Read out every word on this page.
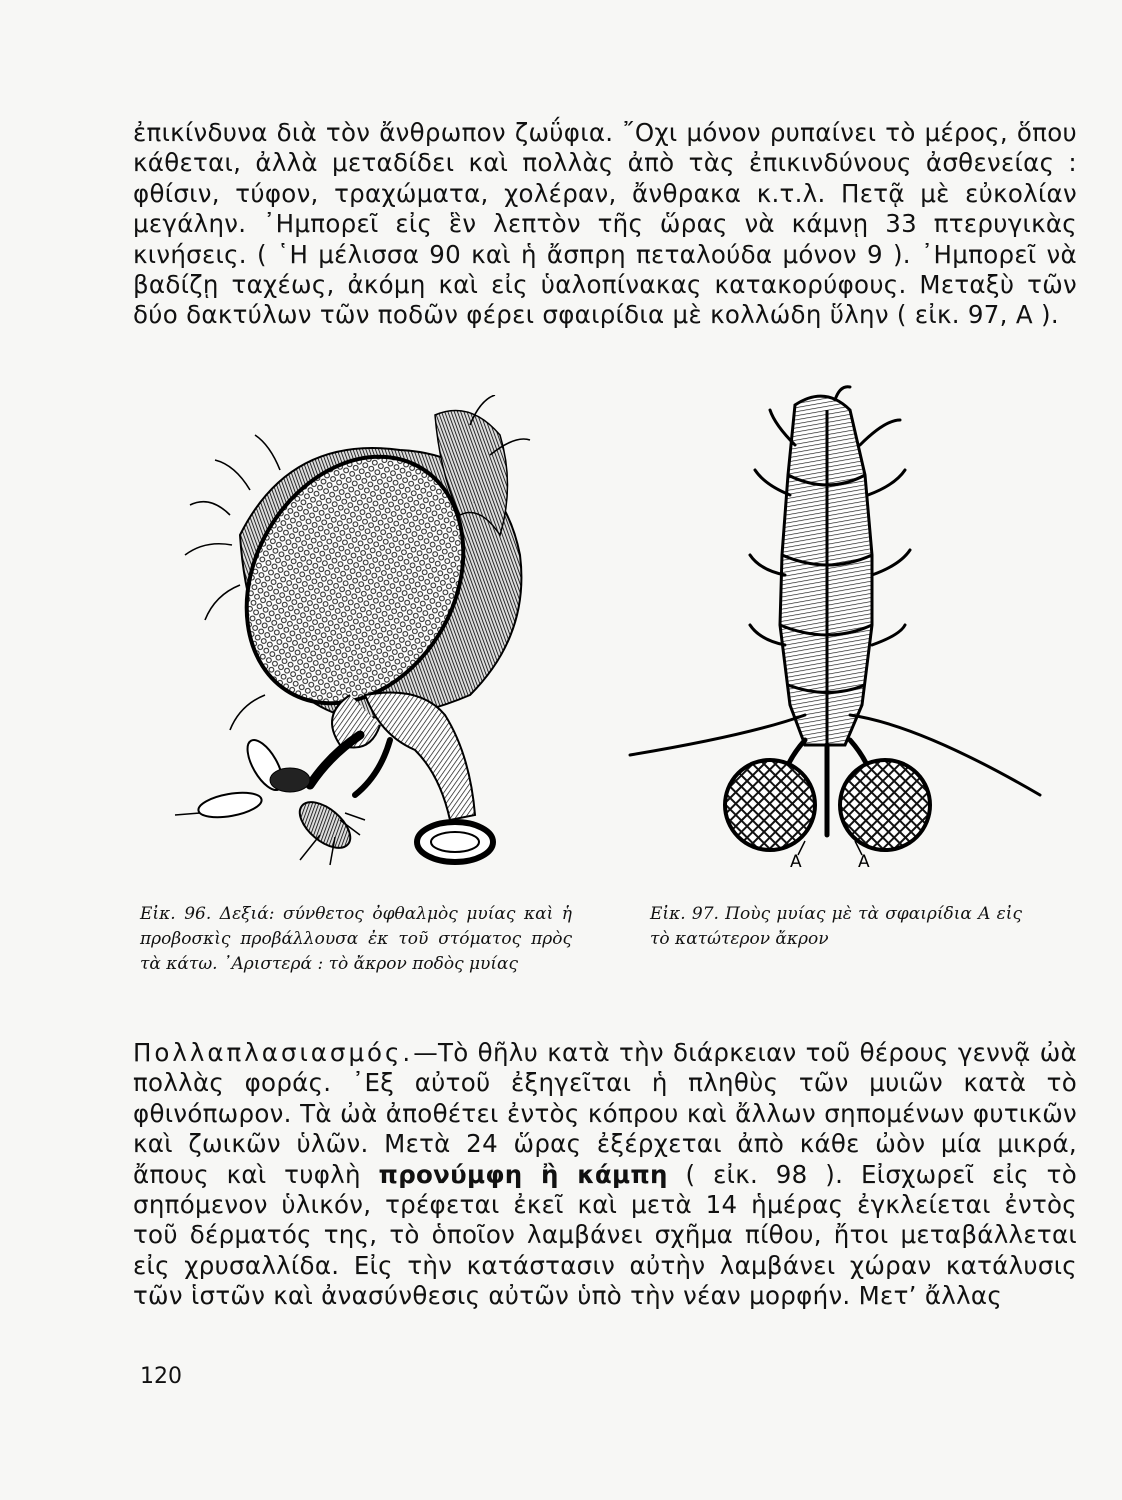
ἐπικίνδυνα διὰ τὸν ἄνθρωπον ζωΰφια. ῎Οχι μόνον ρυπαίνει τὸ μέρος, ὅπου κάθεται, ἀλλὰ μεταδίδει καὶ πολλὰς ἀπὸ τὰς ἐπικινδύνους ἀσθενείας : φθίσιν, τύφον, τραχώματα, χολέραν, ἄνθρακα κ.τ.λ. Πετᾷ μὲ εὐκολίαν μεγάλην. ᾿Ημπορεῖ εἰς ἓν λεπτὸν τῆς ὥρας νὰ κάμνῃ 33 πτερυγικὰς κινήσεις. ( ῾Η μέλισσα 90 καὶ ἡ ἄσπρη πεταλούδα μόνον 9 ). ᾿Ημπορεῖ νὰ βαδίζῃ ταχέως, ἀκόμη καὶ εἰς ὑαλοπίνακας κατακορύφους. Μεταξὺ τῶν δύο δακτύλων τῶν ποδῶν φέρει σφαιρίδια μὲ κολλώδη ὕλην ( εἰκ. 97, Α ).

Α	Α

Εἰκ. 96. Δεξιά: σύνθετος ὀφθαλμὸς μυίας καὶ ἡ προβοσκὶς προβάλλουσα ἐκ τοῦ στόματος πρὸς τὰ κάτω. ᾿Αριστερά : τὸ ἄκρον ποδὸς μυίας

Εἰκ. 97. Ποὺς μυίας μὲ τὰ σφαιρίδια Α εἰς τὸ κατώτερον ἄκρον

Πολλαπλασιασμός.—Τὸ θῆλυ κατὰ τὴν διάρκειαν τοῦ θέρους γεννᾷ ὠὰ πολλὰς φοράς. ᾿Εξ αὐτοῦ ἐξηγεῖται ἡ πληθὺς τῶν μυιῶν κατὰ τὸ φθινόπωρον. Τὰ ὠὰ ἀποθέτει ἐντὸς κόπρου καὶ ἄλλων σηπομένων φυτικῶν καὶ ζωικῶν ὑλῶν. Μετὰ 24 ὥρας ἐξέρχεται ἀπὸ κάθε ὠὸν μία μικρά, ἄπους καὶ τυφλὴ προνύμφη ἢ κάμπη ( εἰκ. 98 ). Εἰσχωρεῖ εἰς τὸ σηπόμενον ὑλικόν, τρέφεται ἐκεῖ καὶ μετὰ 14 ἡμέρας ἐγκλείεται ἐντὸς τοῦ δέρματός της, τὸ ὁποῖον λαμβάνει σχῆμα πίθου, ἤτοι μεταβάλλεται εἰς χρυσαλλίδα. Εἰς τὴν κατάστασιν αὐτὴν λαμβάνει χώραν κατάλυσις τῶν ἱστῶν καὶ ἀνασύνθεσις αὐτῶν ὑπὸ τὴν νέαν μορφήν. Μετ’ ἄλλας

120
